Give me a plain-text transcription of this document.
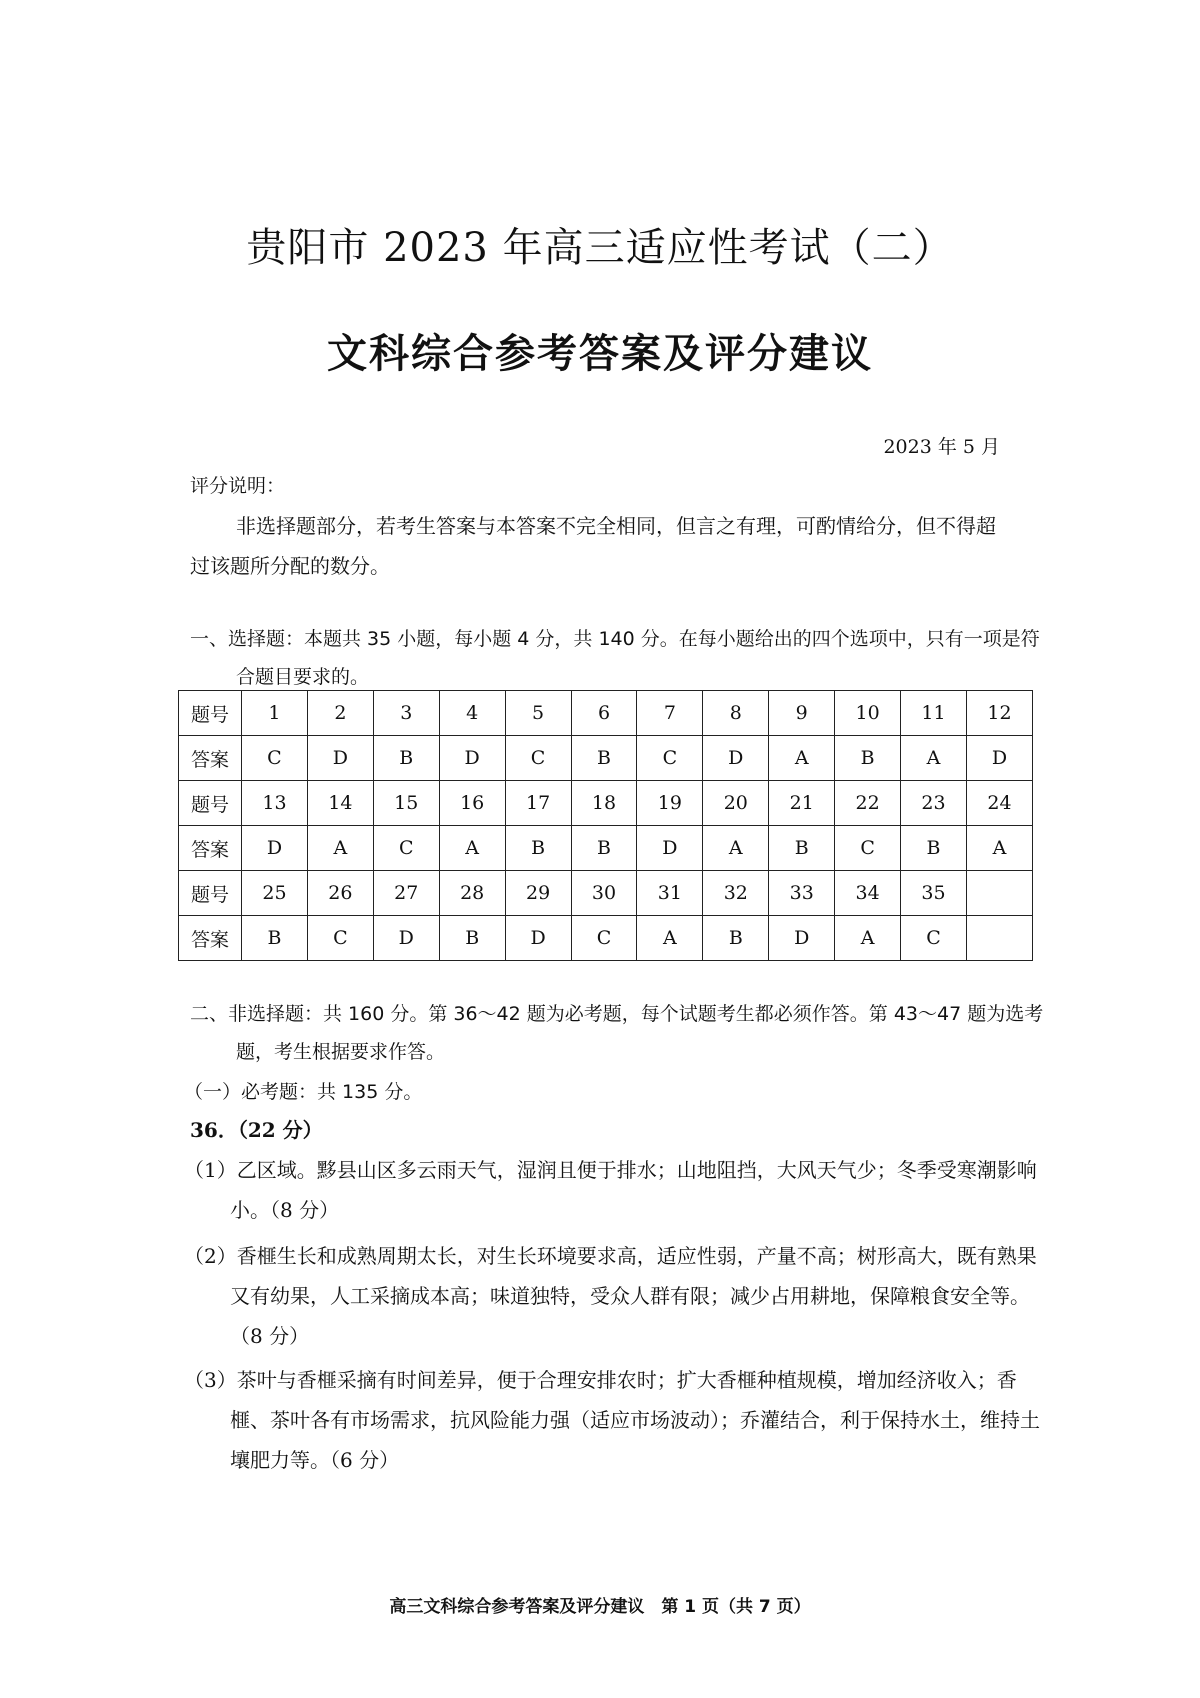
贵阳市 2023 年高三适应性考试（二）
文科综合参考答案及评分建议
2023 年 5 月
评分说明：
非选择题部分，若考生答案与本答案不完全相同，但言之有理，可酌情给分，但不得超过该题所分配的数分。
一、选择题：本题共 35 小题，每小题 4 分，共 140 分。在每小题给出的四个选项中，只有一项是符合题目要求的。
题号	1	2	3	4	5	6	7	8	9	10	11	12
答案	C	D	B	D	C	B	C	D	A	B	A	D
题号	13	14	15	16	17	18	19	20	21	22	23	24
答案	D	A	C	A	B	B	D	A	B	C	B	A
题号	25	26	27	28	29	30	31	32	33	34	35	
答案	B	C	D	B	D	C	A	B	D	A	C	
二、非选择题：共 160 分。第 36～42 题为必考题，每个试题考生都必须作答。第 43～47 题为选考题，考生根据要求作答。
（一）必考题：共 135 分。
36．（22 分）
（1）乙区域。黟县山区多云雨天气，湿润且便于排水；山地阻挡，大风天气少；冬季受寒潮影响小。（8 分）
（2）香榧生长和成熟周期太长，对生长环境要求高，适应性弱，产量不高；树形高大，既有熟果又有幼果，人工采摘成本高；味道独特，受众人群有限；减少占用耕地，保障粮食安全等。（8 分）
（3）茶叶与香榧采摘有时间差异，便于合理安排农时；扩大香榧种植规模，增加经济收入；香榧、茶叶各有市场需求，抗风险能力强（适应市场波动）；乔灌结合，利于保持水土，维持土壤肥力等。（6 分）
高三文科综合参考答案及评分建议　第 1 页（共 7 页）
